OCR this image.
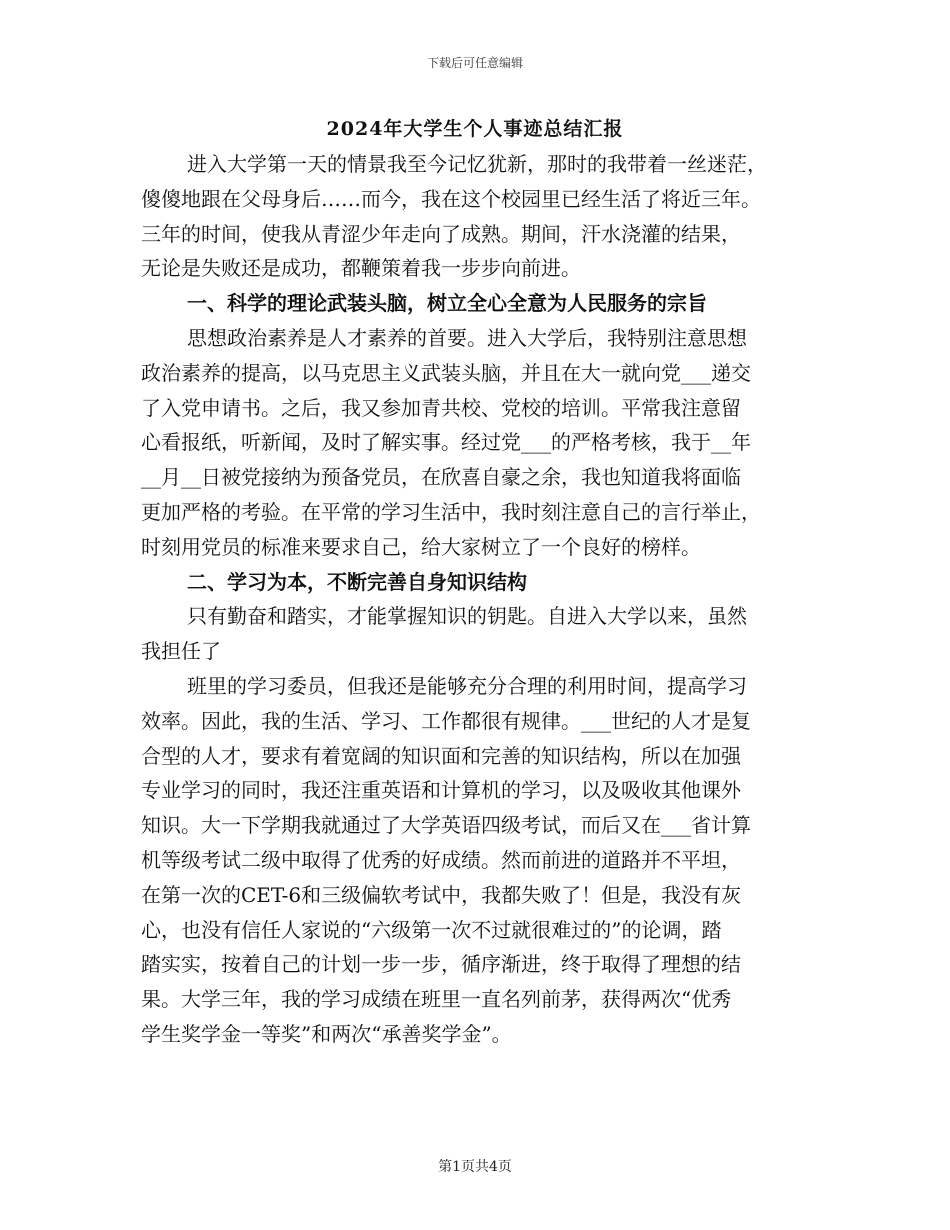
下载后可任意编辑
2024年大学生个人事迹总结汇报
进入大学第一天的情景我至今记忆犹新，那时的我带着一丝迷茫，
傻傻地跟在父母身后……而今，我在这个校园里已经生活了将近三年。
三年的时间，使我从青涩少年走向了成熟。期间，汗水浇灌的结果，
无论是失败还是成功，都鞭策着我一步步向前进。
一、科学的理论武装头脑，树立全心全意为人民服务的宗旨
思想政治素养是人才素养的首要。进入大学后，我特别注意思想
政治素养的提高，以马克思主义武装头脑，并且在大一就向党___递交
了入党申请书。之后，我又参加青共校、党校的培训。平常我注意留
心看报纸，听新闻，及时了解实事。经过党___的严格考核，我于__年
__月__日被党接纳为预备党员，在欣喜自豪之余，我也知道我将面临
更加严格的考验。在平常的学习生活中，我时刻注意自己的言行举止，
时刻用党员的标准来要求自己，给大家树立了一个良好的榜样。
二、学习为本，不断完善自身知识结构
只有勤奋和踏实，才能掌握知识的钥匙。自进入大学以来，虽然
我担任了
班里的学习委员，但我还是能够充分合理的利用时间，提高学习
效率。因此，我的生活、学习、工作都很有规律。___世纪的人才是复
合型的人才，要求有着宽阔的知识面和完善的知识结构，所以在加强
专业学习的同时，我还注重英语和计算机的学习，以及吸收其他课外
知识。大一下学期我就通过了大学英语四级考试，而后又在___省计算
机等级考试二级中取得了优秀的好成绩。然而前进的道路并不平坦，
在第一次的CET-6和三级偏软考试中，我都失败了！但是，我没有灰
心，也没有信任人家说的“六级第一次不过就很难过的”的论调，踏
踏实实，按着自己的计划一步一步，循序渐进，终于取得了理想的结
果。大学三年，我的学习成绩在班里一直名列前茅，获得两次“优秀
学生奖学金一等奖”和两次“承善奖学金”。
第1页共4页
